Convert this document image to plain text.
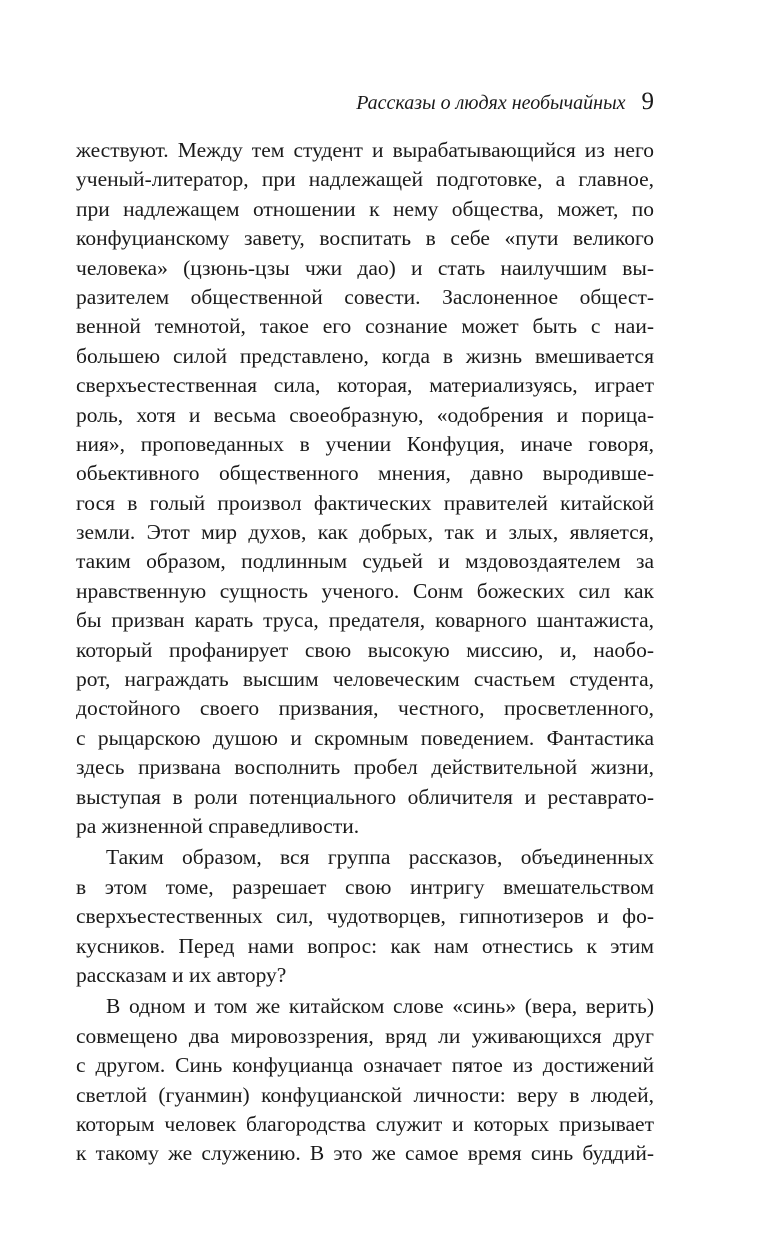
Рассказы о людях необычайных 9
жествуют. Между тем студент и вырабатывающийся из него
ученый-литератор, при надлежащей подготовке, а главное,
при надлежащем отношении к нему общества, может, по
конфуцианскому завету, воспитать в себе «пути великого
человека» (цзюнь-цзы чжи дао) и стать наилучшим вы-
разителем общественной совести. Заслоненное общест-
венной темнотой, такое его сознание может быть с наи-
большею силой представлено, когда в жизнь вмешивается
сверхъестественная сила, которая, материализуясь, играет
роль, хотя и весьма своеобразную, «одобрения и порица-
ния», проповеданных в учении Конфуция, иначе говоря,
обьективного общественного мнения, давно выродивше-
гося в голый произвол фактических правителей китайской
земли. Этот мир духов, как добрых, так и злых, является,
таким образом, подлинным судьей и мздовоздаятелем за
нравственную сущность ученого. Сонм божеских сил как
бы призван карать труса, предателя, коварного шантажиста,
который профанирует свою высокую миссию, и, наобо-
рот, награждать высшим человеческим счастьем студента,
достойного своего призвания, честного, просветленного,
с рыцарскою душою и скромным поведением. Фантастика
здесь призвана восполнить пробел действительной жизни,
выступая в роли потенциального обличителя и реставрато-
ра жизненной справедливости.
Таким образом, вся группа рассказов, объединенных
в этом томе, разрешает свою интригу вмешательством
сверхъестественных сил, чудотворцев, гипнотизеров и фо-
кусников. Перед нами вопрос: как нам отнестись к этим
рассказам и их автору?
В одном и том же китайском слове «синь» (вера, верить)
совмещено два мировоззрения, вряд ли уживающихся друг
с другом. Синь конфуцианца означает пятое из достижений
светлой (гуанмин) конфуцианской личности: веру в людей,
которым человек благородства служит и которых призывает
к такому же служению. В это же самое время синь буддий-
